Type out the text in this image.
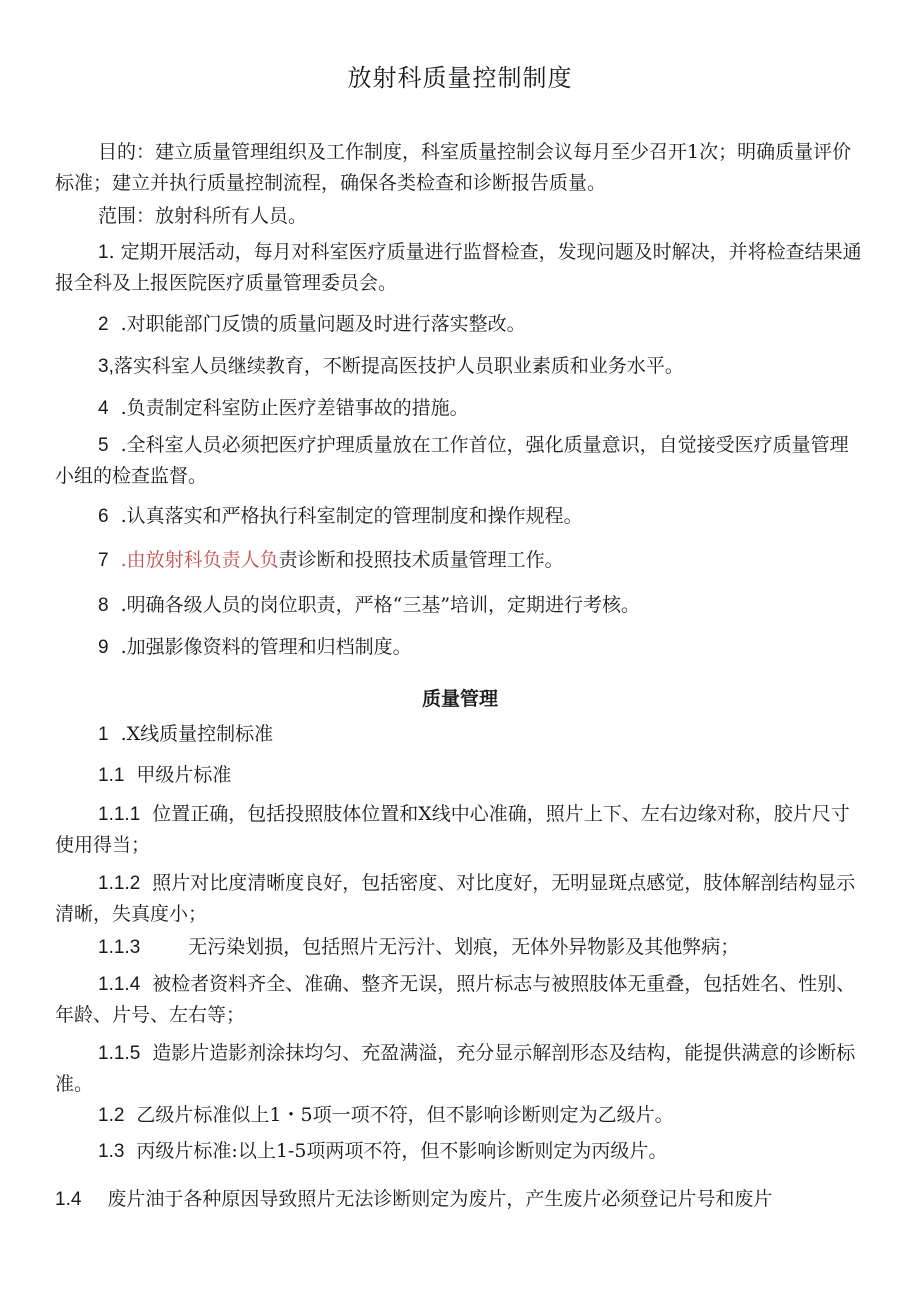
放射科质量控制制度

目的：建立质量管理组织及工作制度，科室质量控制会议每月至少召开1次；明确质量评价标准；建立并执行质量控制流程，确保各类检查和诊断报告质量。

范围：放射科所有人员。

1. 定期开展活动，每月对科室医疗质量进行监督检查，发现问题及时解决，并将检查结果通报全科及上报医院医疗质量管理委员会。

2 .对职能部门反馈的质量问题及时进行落实整改。

3,落实科室人员继续教育，不断提高医技护人员职业素质和业务水平。

4 .负责制定科室防止医疗差错事故的措施。

5 .全科室人员必须把医疗护理质量放在工作首位，强化质量意识，自觉接受医疗质量管理小组的检查监督。

6 .认真落实和严格执行科室制定的管理制度和操作规程。

7 .由放射科负责人负责诊断和投照技术质量管理工作。

8 .明确各级人员的岗位职责，严格“三基”培训，定期进行考核。

9 .加强影像资料的管理和归档制度。

质量管理

1 .X线质量控制标准

1.1 甲级片标准

1.1.1 位置正确，包括投照肢体位置和X线中心准确，照片上下、左右边缘对称，胶片尺寸使用得当；

1.1.2 照片对比度清晰度良好，包括密度、对比度好，无明显斑点感觉，肢体解剖结构显示清晰，失真度小；

1.1.3	无污染划损，包括照片无污汁、划痕，无体外异物影及其他弊病；

1.1.4 被检者资料齐全、准确、整齐无误，照片标志与被照肢体无重叠，包括姓名、性别、年龄、片号、左右等；

1.1.5 造影片造影剂涂抹均匀、充盈满溢，充分显示解剖形态及结构，能提供满意的诊断标准。

1.2 乙级片标准似上1・5项一项不符，但不影响诊断则定为乙级片。

1.3 丙级片标准:以上1-5项两项不符，但不影响诊断则定为丙级片。

1.4 废片油于各种原因导致照片无法诊断则定为废片，产生废片必须登记片号和废片
